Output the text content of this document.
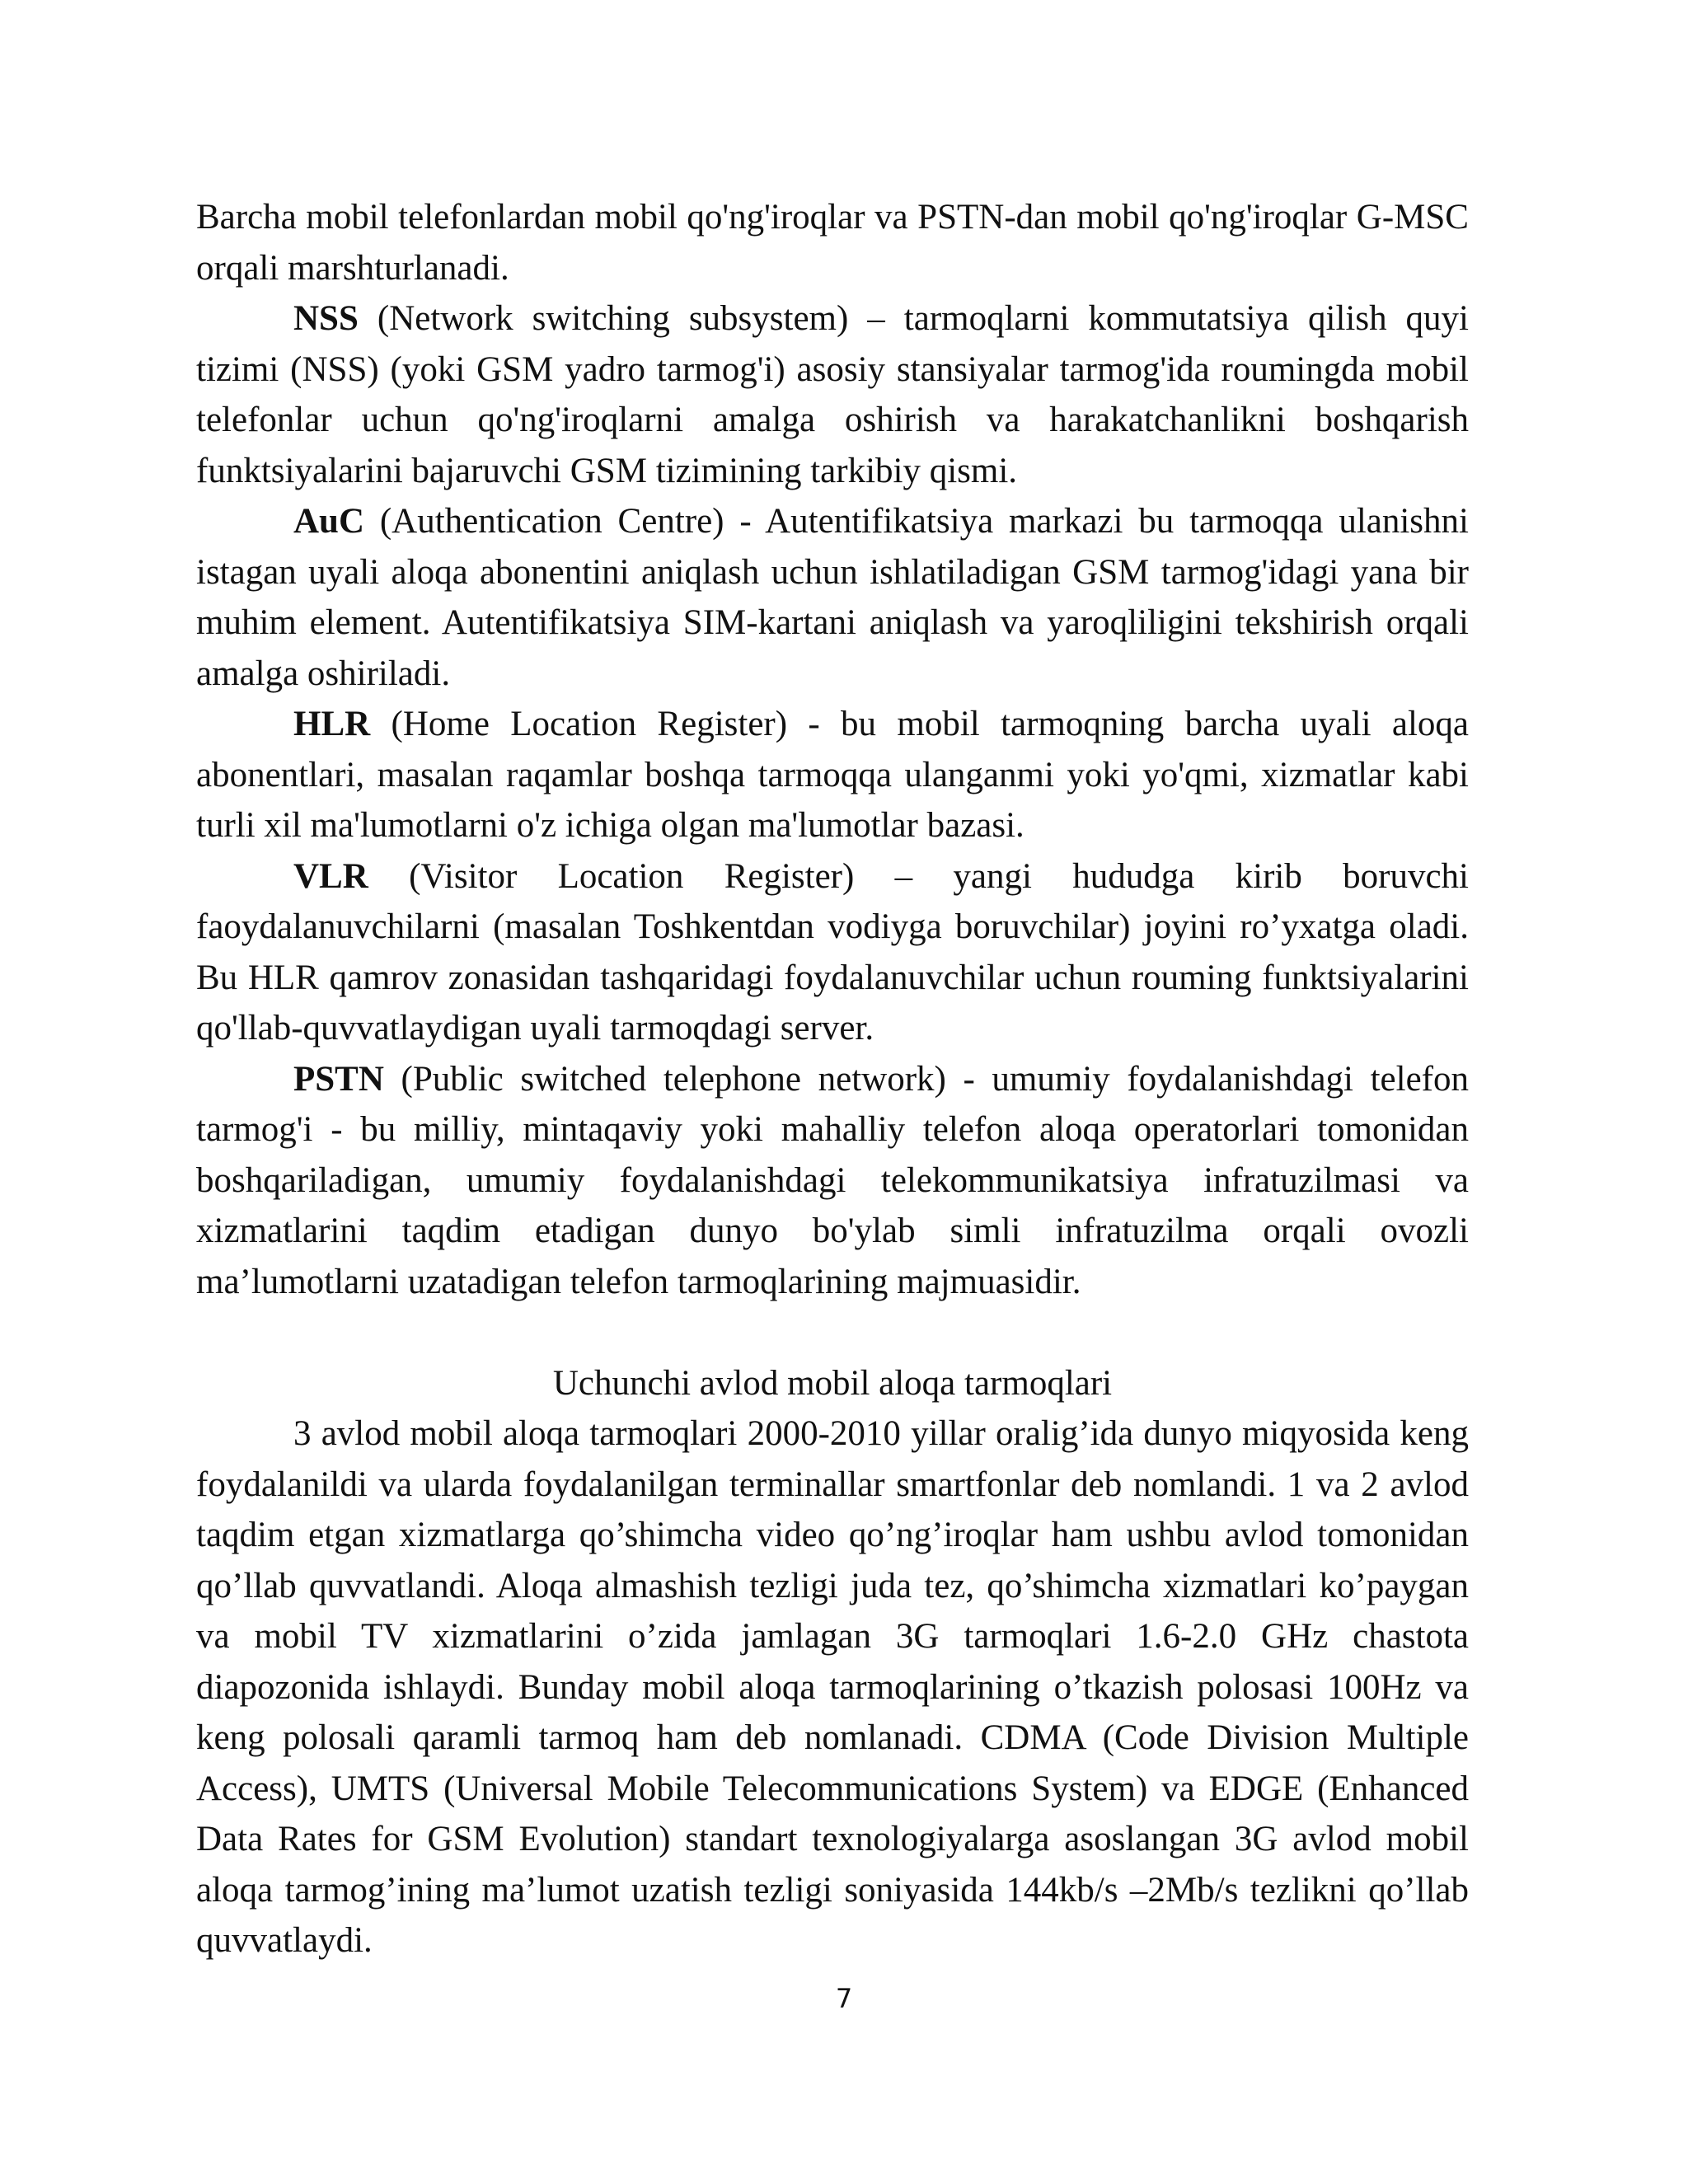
Barcha mobil telefonlardan mobil qo'ng'iroqlar va PSTN-dan mobil qo'ng'iroqlar G-MSC orqali marshturlanadi.

NSS (Network switching subsystem) – tarmoqlarni kommutatsiya qilish quyi tizimi (NSS) (yoki GSM yadro tarmog'i) asosiy stansiyalar tarmog'ida roumingda mobil telefonlar uchun qo'ng'iroqlarni amalga oshirish va harakatchanlikni boshqarish funktsiyalarini bajaruvchi GSM tizimining tarkibiy qismi.

AuC (Authentication Centre) - Autentifikatsiya markazi bu tarmoqqa ulanishni istagan uyali aloqa abonentini aniqlash uchun ishlatiladigan GSM tarmog'idagi yana bir muhim element. Autentifikatsiya SIM-kartani aniqlash va yaroqliligini tekshirish orqali amalga oshiriladi.

HLR (Home Location Register) - bu mobil tarmoqning barcha uyali aloqa abonentlari, masalan raqamlar boshqa tarmoqqa ulanganmi yoki yo'qmi, xizmatlar kabi turli xil ma'lumotlarni o'z ichiga olgan ma'lumotlar bazasi.

VLR (Visitor Location Register) – yangi hududga kirib boruvchi faoydalanuvchilarni (masalan Toshkentdan vodiyga boruvchilar) joyini ro’yxatga oladi. Bu HLR qamrov zonasidan tashqaridagi foydalanuvchilar uchun rouming funktsiyalarini qo'llab-quvvatlaydigan uyali tarmoqdagi server.

PSTN (Public switched telephone network) - umumiy foydalanishdagi telefon tarmog'i - bu milliy, mintaqaviy yoki mahalliy telefon aloqa operatorlari tomonidan boshqariladigan, umumiy foydalanishdagi telekommunikatsiya infratuzilmasi va xizmatlarini taqdim etadigan dunyo bo'ylab simli infratuzilma orqali ovozli ma’lumotlarni uzatadigan telefon tarmoqlarining majmuasidir.

Uchunchi avlod mobil aloqa tarmoqlari

3 avlod mobil aloqa tarmoqlari 2000-2010 yillar oralig’ida dunyo miqyosida keng foydalanildi va ularda foydalanilgan terminallar smartfonlar deb nomlandi. 1 va 2 avlod taqdim etgan xizmatlarga qo’shimcha video qo’ng’iroqlar ham ushbu avlod tomonidan qo’llab quvvatlandi. Aloqa almashish tezligi juda tez, qo’shimcha xizmatlari ko’paygan va mobil TV xizmatlarini o’zida jamlagan 3G tarmoqlari 1.6-2.0 GHz chastota diapozonida ishlaydi. Bunday mobil aloqa tarmoqlarining o’tkazish polosasi 100Hz va keng polosali qaramli tarmoq ham deb nomlanadi. CDMA (Code Division Multiple Access), UMTS (Universal Mobile Telecommunications System) va EDGE (Enhanced Data Rates for GSM Evolution) standart texnologiyalarga asoslangan 3G avlod mobil aloqa tarmog’ining ma’lumot uzatish tezligi soniyasida 144kb/s –2Mb/s tezlikni qo’llab quvvatlaydi.

7
